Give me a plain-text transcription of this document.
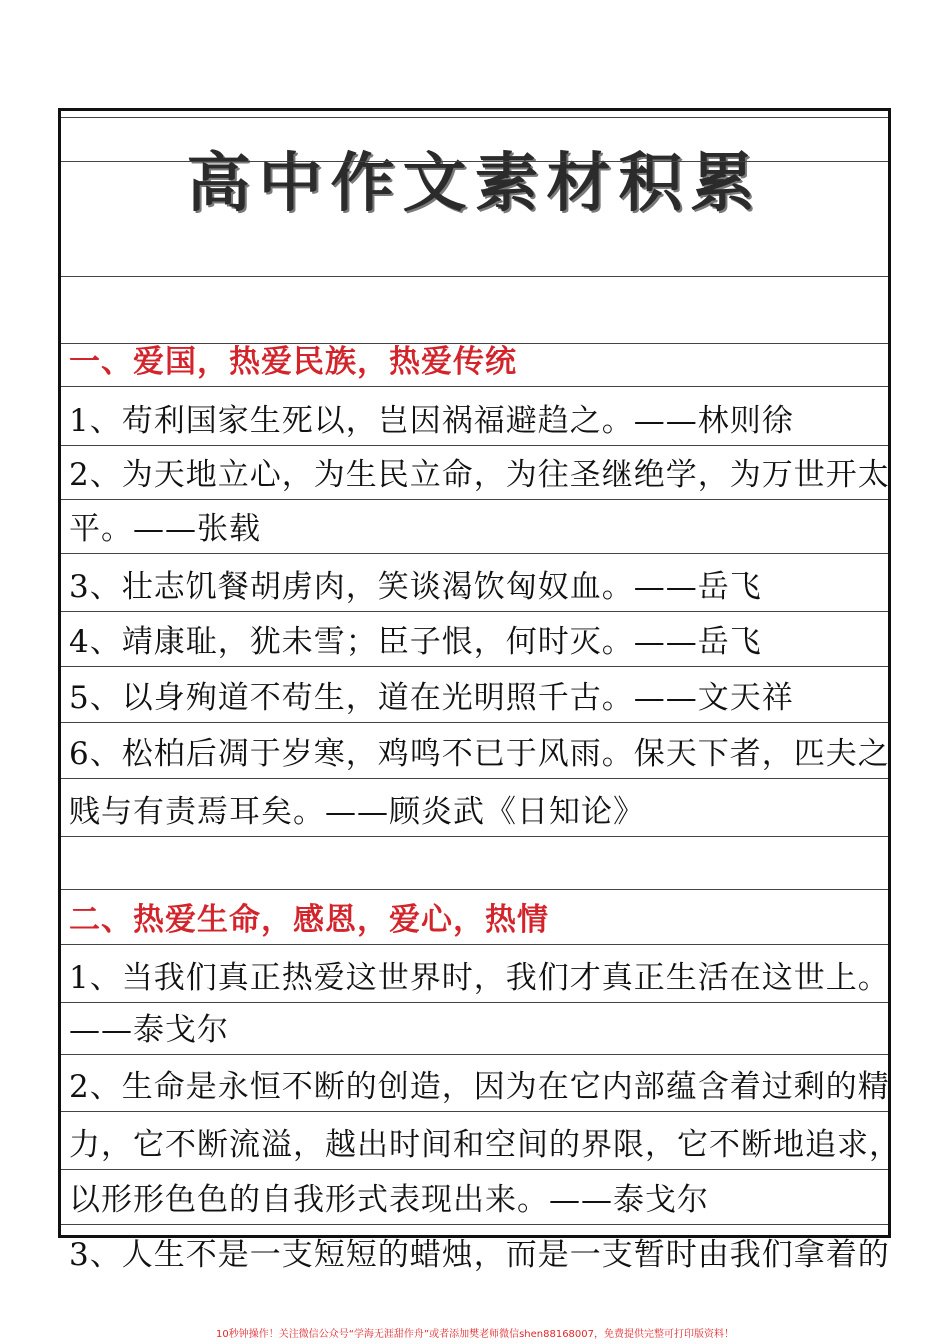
高中作文素材积累
一、爱国，热爱民族，热爱传统
1、苟利国家生死以，岂因祸福避趋之。——林则徐
2、为天地立心，为生民立命，为往圣继绝学，为万世开太
平。——张载
3、壮志饥餐胡虏肉，笑谈渴饮匈奴血。——岳飞
4、靖康耻，犹未雪；臣子恨，何时灭。——岳飞
5、以身殉道不苟生，道在光明照千古。——文天祥
6、松柏后凋于岁寒，鸡鸣不已于风雨。保天下者，匹夫之
贱与有责焉耳矣。——顾炎武《日知论》
二、热爱生命，感恩，爱心，热情
1、当我们真正热爱这世界时，我们才真正生活在这世上。
——泰戈尔
2、生命是永恒不断的创造，因为在它内部蕴含着过剩的精
力，它不断流溢，越出时间和空间的界限，它不断地追求，
以形形色色的自我形式表现出来。——泰戈尔
3、人生不是一支短短的蜡烛，而是一支暂时由我们拿着的
10秒钟操作！关注微信公众号“学海无涯甜作舟”或者添加樊老师微信shen88168007，免费提供完整可打印版资料！
